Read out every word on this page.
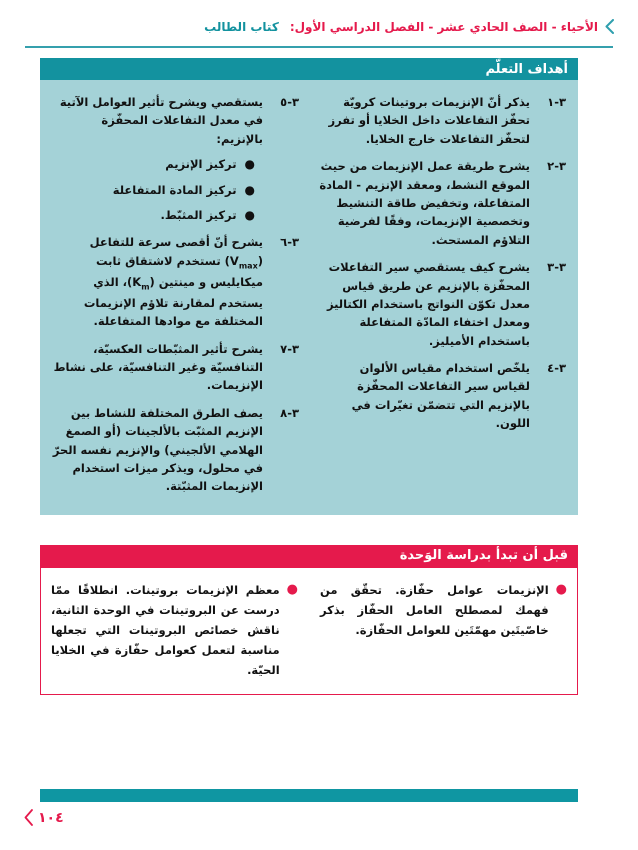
الأحياء - الصف الحادي عشر - الفصل الدراسي الأول:
كتاب الطالب
أهداف التعلّم
٣-١
يذكر أنّ الإنزيمات بروتينات كرويّة تحفّز التفاعلات داخل الخلايا أو تفرز لتحفّز التفاعلات خارج الخلايا.
٣-٢
يشرح طريقة عمل الإنزيمات من حيث الموقع النشط، ومعقد الإنزيم - المادة المتفاعلة، وتخفيض طاقة التنشيط وتخصصية الإنزيمات، وفقًا لفرضية التلاؤم المستحث.
٣-٣
يشرح كيف يستقصي سير التفاعلات المحفّزة بالإنزيم عن طريق قياس معدل تكوّن النواتج باستخدام الكتاليز ومعدل اختفاء المادّة المتفاعلة باستخدام الأميليز.
٣-٤
يلخّص استخدام مقياس الألوان لقياس سير التفاعلات المحفّزة بالإنزيم التي تتضمّن تغيّرات في اللون.
٣-٥
يستقصي ويشرح تأثير العوامل الآتية في معدل التفاعلات المحفّزة بالإنزيم:
●
تركيز الإنزيم
●
تركيز المادة المتفاعلة
●
تركيز المثبّط.
٣-٦
يشرح أنّ أقصى سرعة للتفاعل $(V_{max})$ تستخدم لاشتقاق ثابت ميكايليس و مينتين $(K_m)،$ الذي يستخدم لمقارنة تلاؤم الإنزيمات المختلفة مع موادها المتفاعلة.
٣-٧
يشرح تأثير المثبّطات العكسيّة، التنافسيّة وغير التنافسيّة، على نشاط الإنزيمات.
٣-٨
يصف الطرق المختلفة للنشاط بين الإنزيم المثبّت بالألجينات (أو الصمغ الهلامي الألجيني) والإنزيم نفسه الحرّ في محلول، ويذكر ميزات استخدام الإنزيمات المثبّتة.
قبل أن تبدأ بدراسة الوَحدة
●
الإنزيمات عوامل حفّازة. تحقّق من فهمك لمصطلح العامل الحفّاز بذكر خاصّيتَين مهمّتَين للعوامل الحفّازة.
●
معظم الإنزيمات بروتينات. انطلاقًا ممّا درست عن البروتينات في الوحدة الثانية، ناقش خصائص البروتينات التي تجعلها مناسبة لتعمل كعوامل حفّازة في الخلايا الحيّة.
١٠٤
